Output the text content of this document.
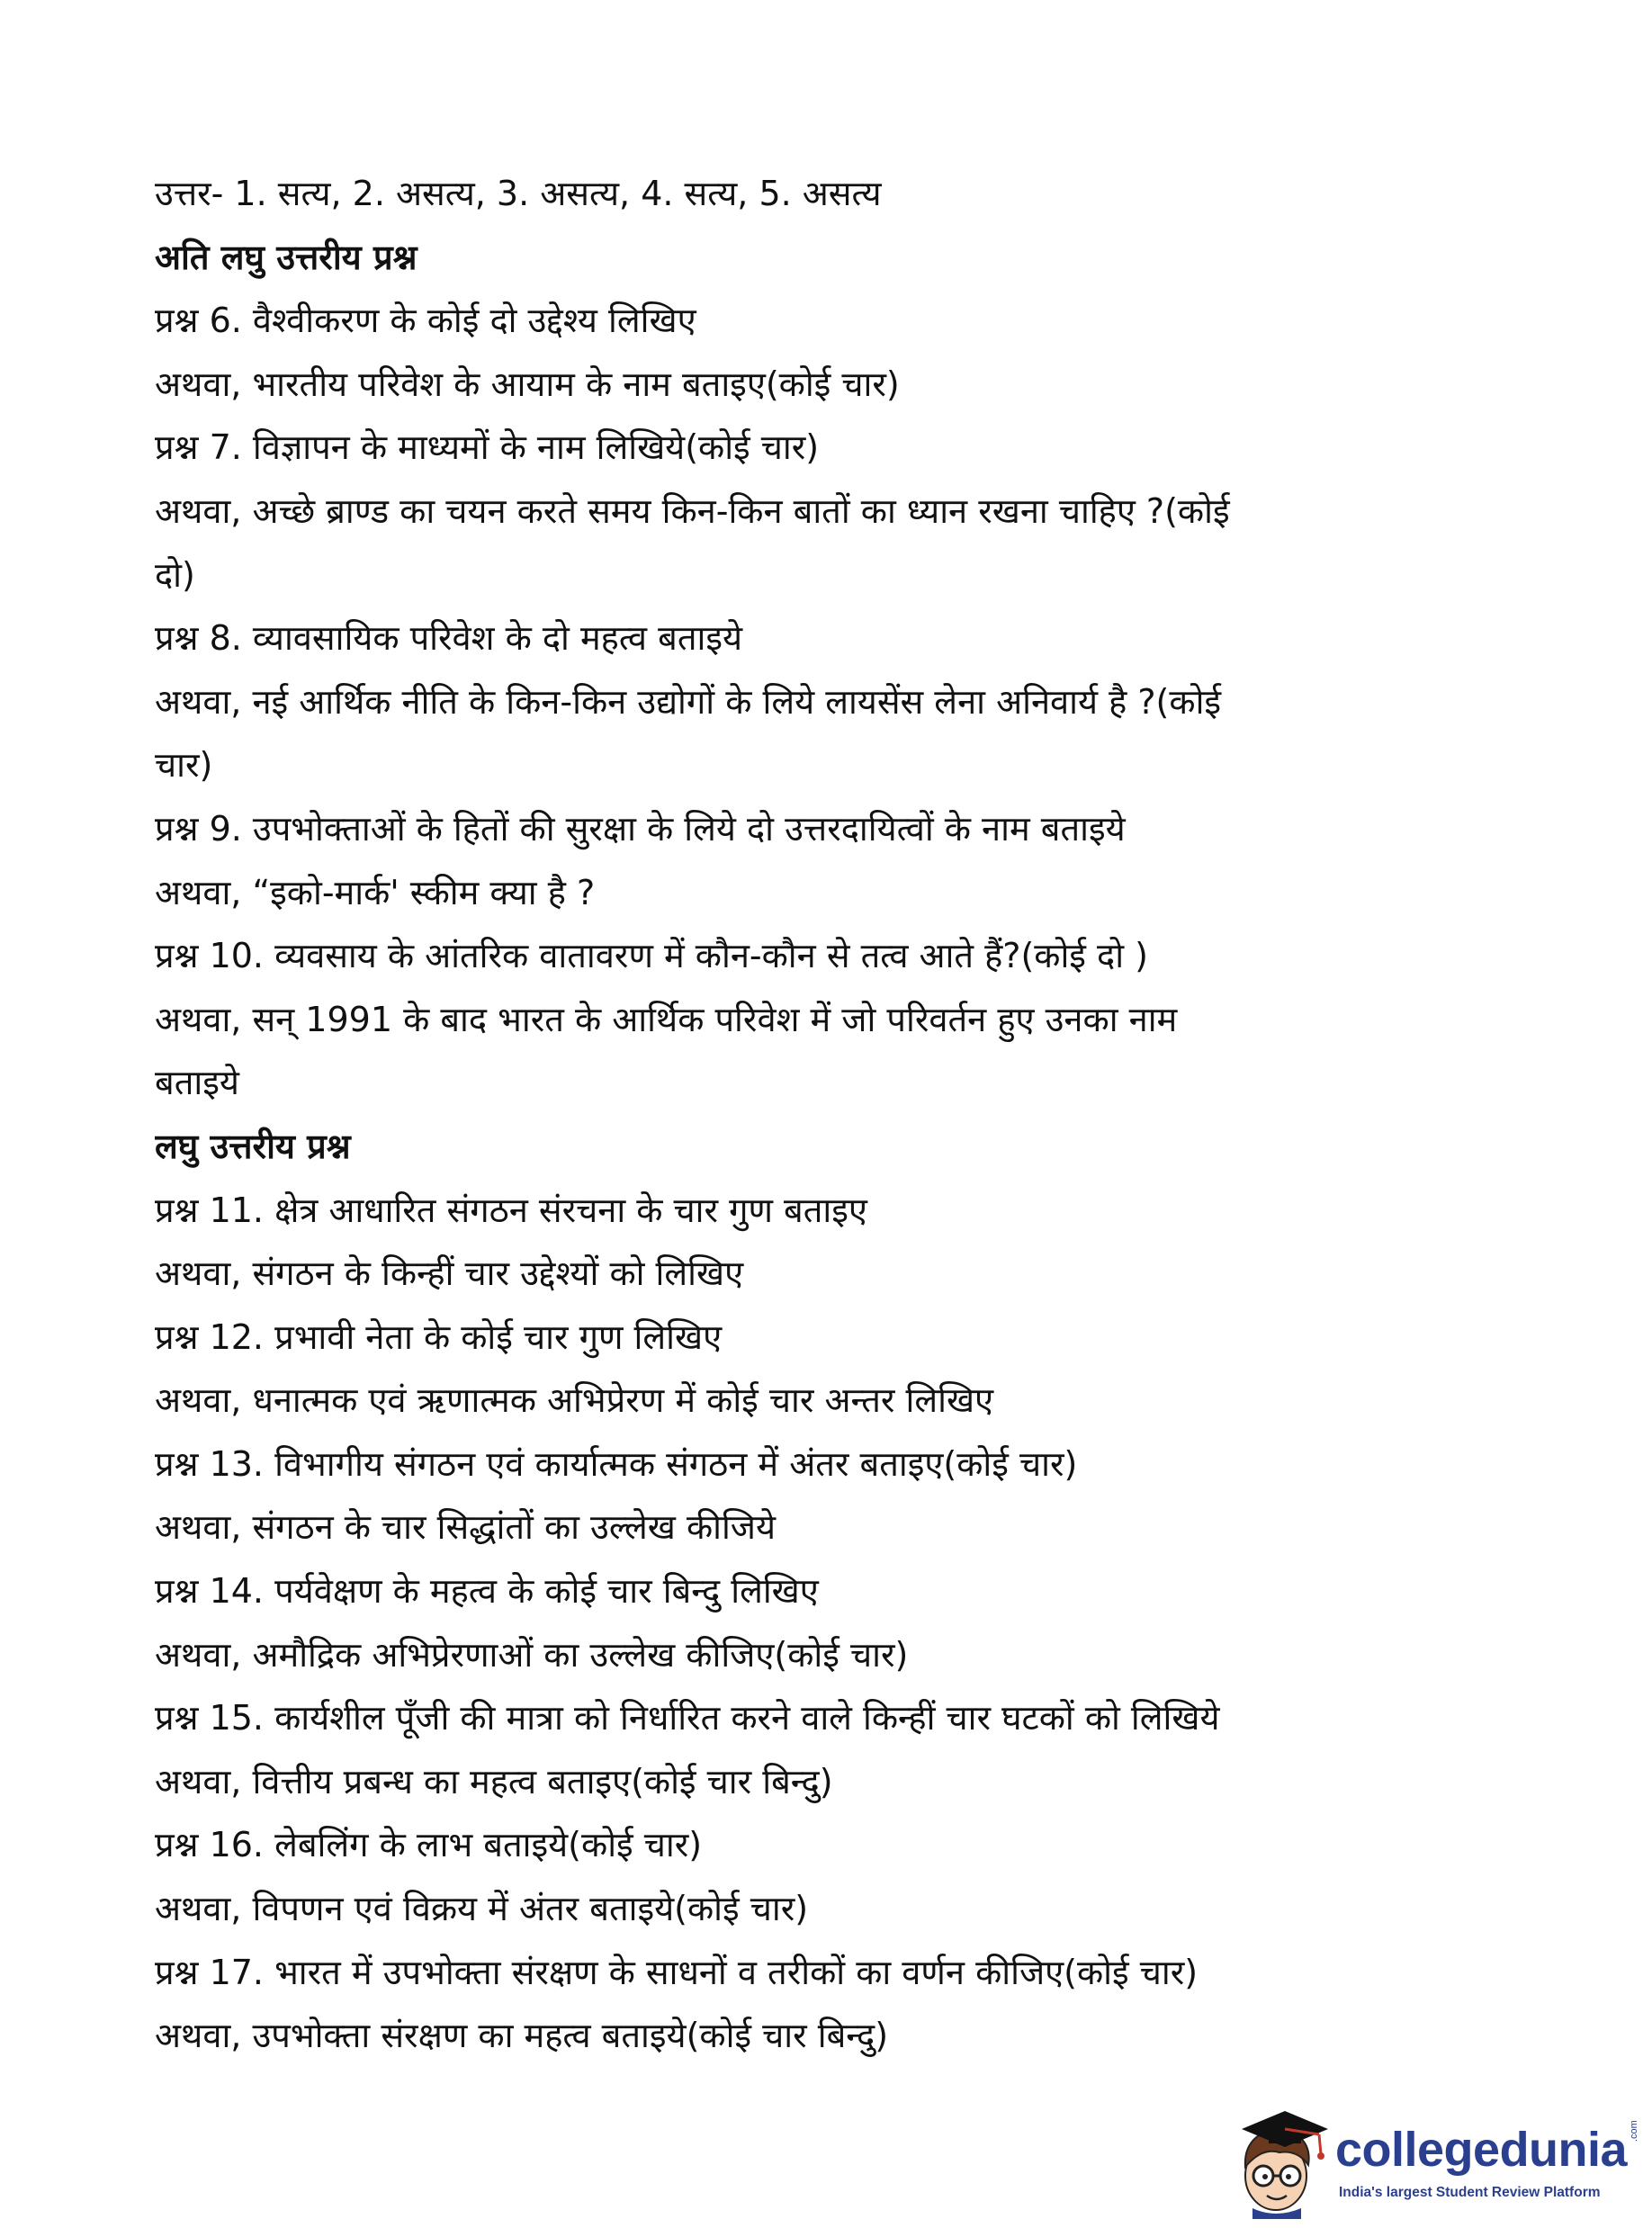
उत्तर- 1. सत्य, 2. असत्य, 3. असत्य, 4. सत्य, 5. असत्य
अति लघु उत्तरीय प्रश्न
प्रश्न 6. वैश्वीकरण के कोई दो उद्देश्य लिखिए
अथवा, भारतीय परिवेश के आयाम के नाम बताइए(कोई चार)
प्रश्न 7. विज्ञापन के माध्यमों के नाम लिखिये(कोई चार)
अथवा, अच्छे ब्राण्ड का चयन करते समय किन-किन बातों का ध्यान रखना चाहिए ?(कोई
दो)
प्रश्न 8. व्यावसायिक परिवेश के दो महत्व बताइये
अथवा, नई आर्थिक नीति के किन-किन उद्योगों के लिये लायसेंस लेना अनिवार्य है ?(कोई
चार)
प्रश्न 9. उपभोक्ताओं के हितों की सुरक्षा के लिये दो उत्तरदायित्वों के नाम बताइये
अथवा, “इको-मार्क' स्कीम क्या है ?
प्रश्न 10. व्यवसाय के आंतरिक वातावरण में कौन-कौन से तत्व आते हैं?(कोई दो )
अथवा, सन् 1991 के बाद भारत के आर्थिक परिवेश में जो परिवर्तन हुए उनका नाम
बताइये
लघु उत्तरीय प्रश्न
प्रश्न 11. क्षेत्र आधारित संगठन संरचना के चार गुण बताइए
अथवा, संगठन के किन्हीं चार उद्देश्यों को लिखिए
प्रश्न 12. प्रभावी नेता के कोई चार गुण लिखिए
अथवा, धनात्मक एवं ऋणात्मक अभिप्रेरण में कोई चार अन्तर लिखिए
प्रश्न 13. विभागीय संगठन एवं कार्यात्मक संगठन में अंतर बताइए(कोई चार)
अथवा, संगठन के चार सिद्धांतों का उल्लेख कीजिये
प्रश्न 14. पर्यवेक्षण के महत्व के कोई चार बिन्दु लिखिए
अथवा, अमौद्रिक अभिप्रेरणाओं का उल्लेख कीजिए(कोई चार)
प्रश्न 15. कार्यशील पूँजी की मात्रा को निर्धारित करने वाले किन्हीं चार घटकों को लिखिये
अथवा, वित्तीय प्रबन्ध का महत्व बताइए(कोई चार बिन्दु)
प्रश्न 16. लेबलिंग के लाभ बताइये(कोई चार)
अथवा, विपणन एवं विक्रय में अंतर बताइये(कोई चार)
प्रश्न 17. भारत में उपभोक्ता संरक्षण के साधनों व तरीकों का वर्णन कीजिए(कोई चार)
अथवा, उपभोक्ता संरक्षण का महत्व बताइये(कोई चार बिन्दु)
collegedunia .com
India's largest Student Review Platform
